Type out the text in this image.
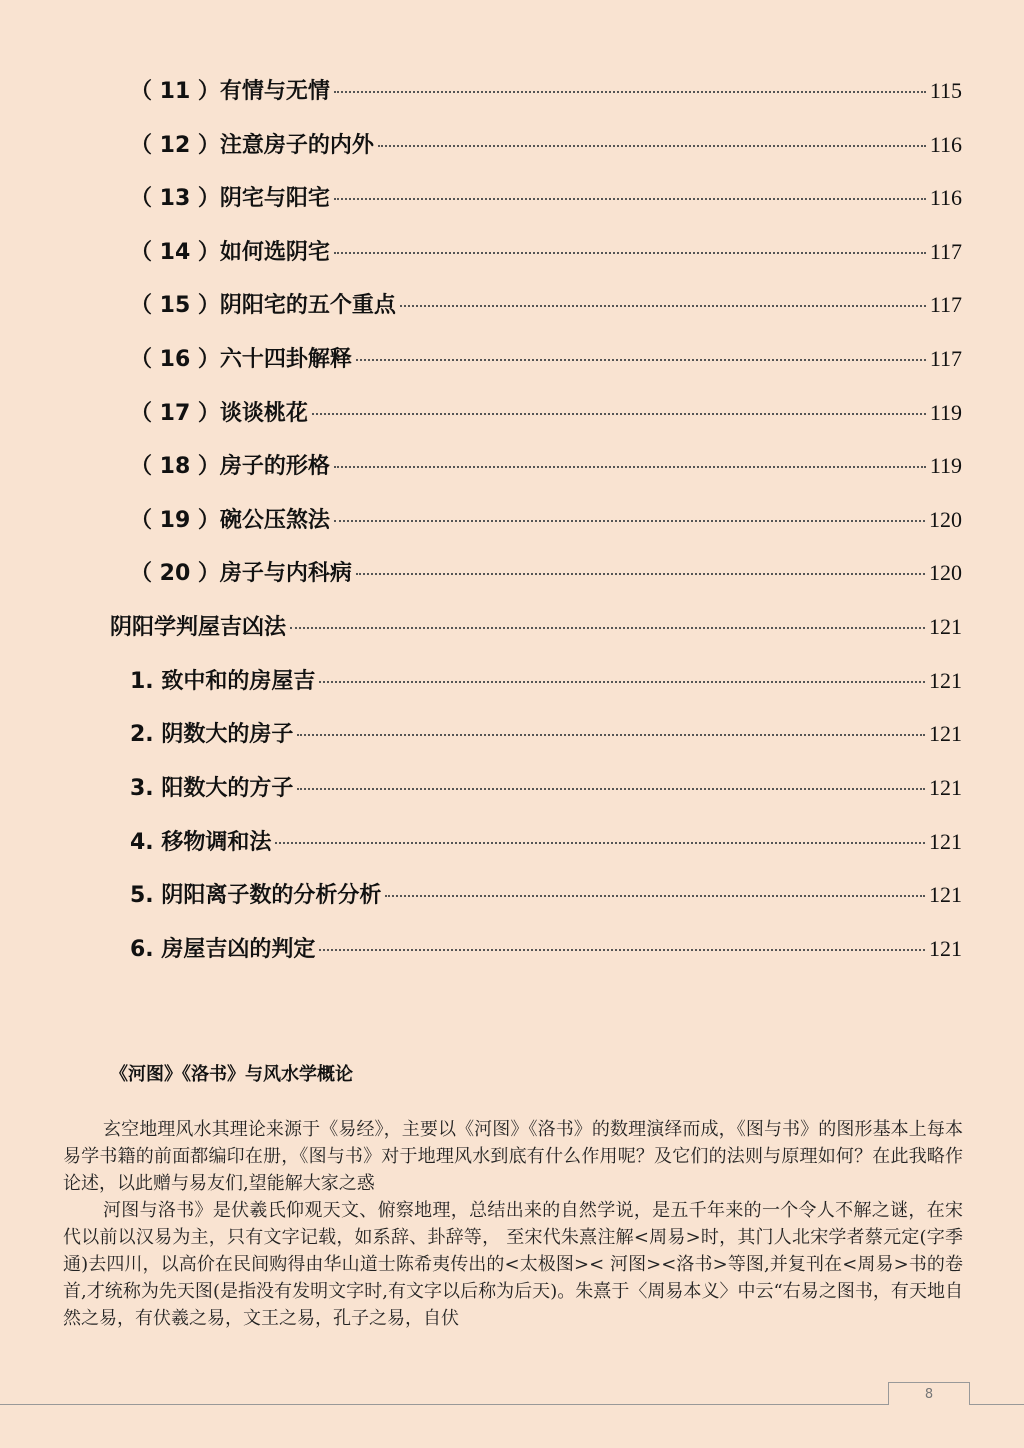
（ 11 ）有情与无情	115
（ 12 ）注意房子的内外	116
（ 13 ）阴宅与阳宅	116
（ 14 ）如何选阴宅	117
（ 15 ）阴阳宅的五个重点	117
（ 16 ）六十四卦解释	117
（ 17 ）谈谈桃花	119
（ 18 ）房子的形格	119
（ 19 ）碗公压煞法	120
（ 20 ）房子与内科病	120
阴阳学判屋吉凶法	121
1. 致中和的房屋吉	121
2. 阴数大的房子	121
3. 阳数大的方子	121
4. 移物调和法	121
5. 阴阳离子数的分析分析	121
6. 房屋吉凶的判定	121
《河图》《洛书》与风水学概论

玄空地理风水其理论来源于《易经》，主要以《河图》《洛书》的数理演绎而成，《图与书》的图形基本上每本易学书籍的前面都编印在册，《图与书》对于地理风水到底有什么作用呢？及它们的法则与原理如何？在此我略作论述，以此赠与易友们,望能解大家之惑

河图与洛书》是伏羲氏仰观天文、俯察地理，总结出来的自然学说，是五千年来的一个令人不解之谜，在宋代以前以汉易为主，只有文字记载，如系辞、卦辞等， 至宋代朱熹注解<周易>时，其门人北宋学者蔡元定(字季通)去四川，以高价在民间购得由华山道士陈希夷传出的<太极图>< 河图><洛书>等图,并复刊在<周易>书的卷首,才统称为先天图(是指没有发明文字时,有文字以后称为后天)。朱熹于〈周易本义〉中云“右易之图书，有天地自然之易，有伏羲之易，文王之易，孔子之易，自伏

8
